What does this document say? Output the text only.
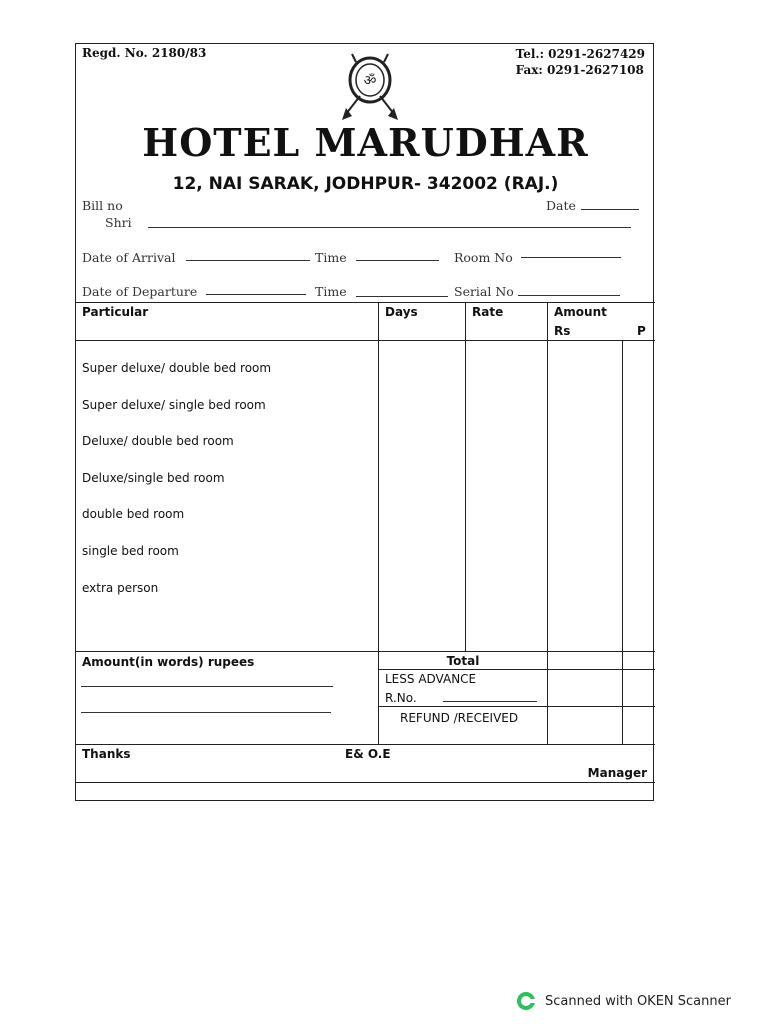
Regd. No. 2180/83	Tel.: 0291-2627429
Fax: 0291-2627108
ॐ
HOTEL MARUDHAR
12, NAI SARAK, JODHPUR- 342002 (RAJ.)
Bill no	Date
Shri
Date of Arrival	Time	Room No
Date of Departure	Time	Serial No
Particular	Days	Rate	Amount
Rs	P
Super deluxe/ double bed room
Super deluxe/ single bed room
Deluxe/ double bed room
Deluxe/single bed room
double bed room
single bed room
extra person
Amount(in words) rupees	Total
LESS ADVANCE
R.No.
REFUND /RECEIVED
Thanks	E& O.E
Manager
Scanned with OKEN Scanner
